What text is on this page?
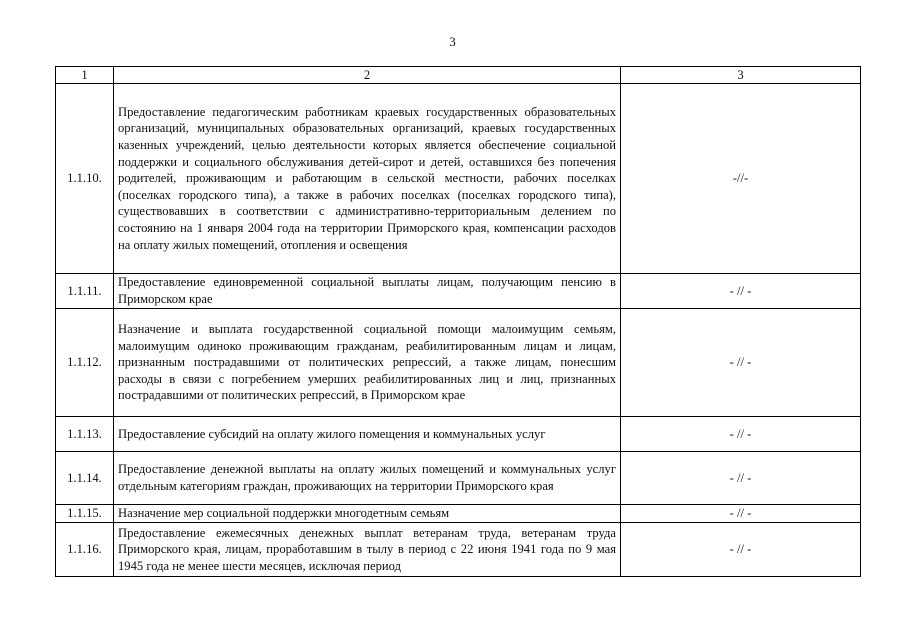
3
1	2	3
1.1.10.	Предоставление педагогическим работникам краевых государственных образовательных организаций, муниципальных образовательных организаций, краевых государственных казенных учреждений, целью деятельности которых является обеспечение социальной поддержки и социального обслуживания детей-сирот и детей, оставшихся без попечения родителей, проживающим и работающим в сельской местности, рабочих поселках (поселках городского типа), а также в рабочих поселках (поселках городского типа), существовавших в соответствии с административно-территориальным делением по состоянию на 1 января 2004 года на территории Приморского края, компенсации расходов на оплату жилых помещений, отопления и освещения	-//-
1.1.11.	Предоставление единовременной социальной выплаты лицам, получающим пенсию в Приморском крае	- // -
1.1.12.	Назначение и выплата государственной социальной помощи малоимущим семьям, малоимущим одиноко проживающим гражданам, реабилитированным лицам и лицам, признанным пострадавшими от политических репрессий, а также лицам, понесшим расходы в связи с погребением умерших реабилитированных лиц и лиц, признанных пострадавшими от политических репрессий, в Приморском крае	- // -
1.1.13.	Предоставление субсидий на оплату жилого помещения и коммунальных услуг	- // -
1.1.14.	Предоставление денежной выплаты на оплату жилых помещений и коммунальных услуг отдельным категориям граждан, проживающих на территории Приморского края	- // -
1.1.15.	Назначение мер социальной поддержки многодетным семьям	- // -
1.1.16.	Предоставление ежемесячных денежных выплат ветеранам труда, ветеранам труда Приморского края, лицам, проработавшим в тылу в период с 22 июня 1941 года по 9 мая 1945 года не менее шести месяцев, исключая период	- // -
